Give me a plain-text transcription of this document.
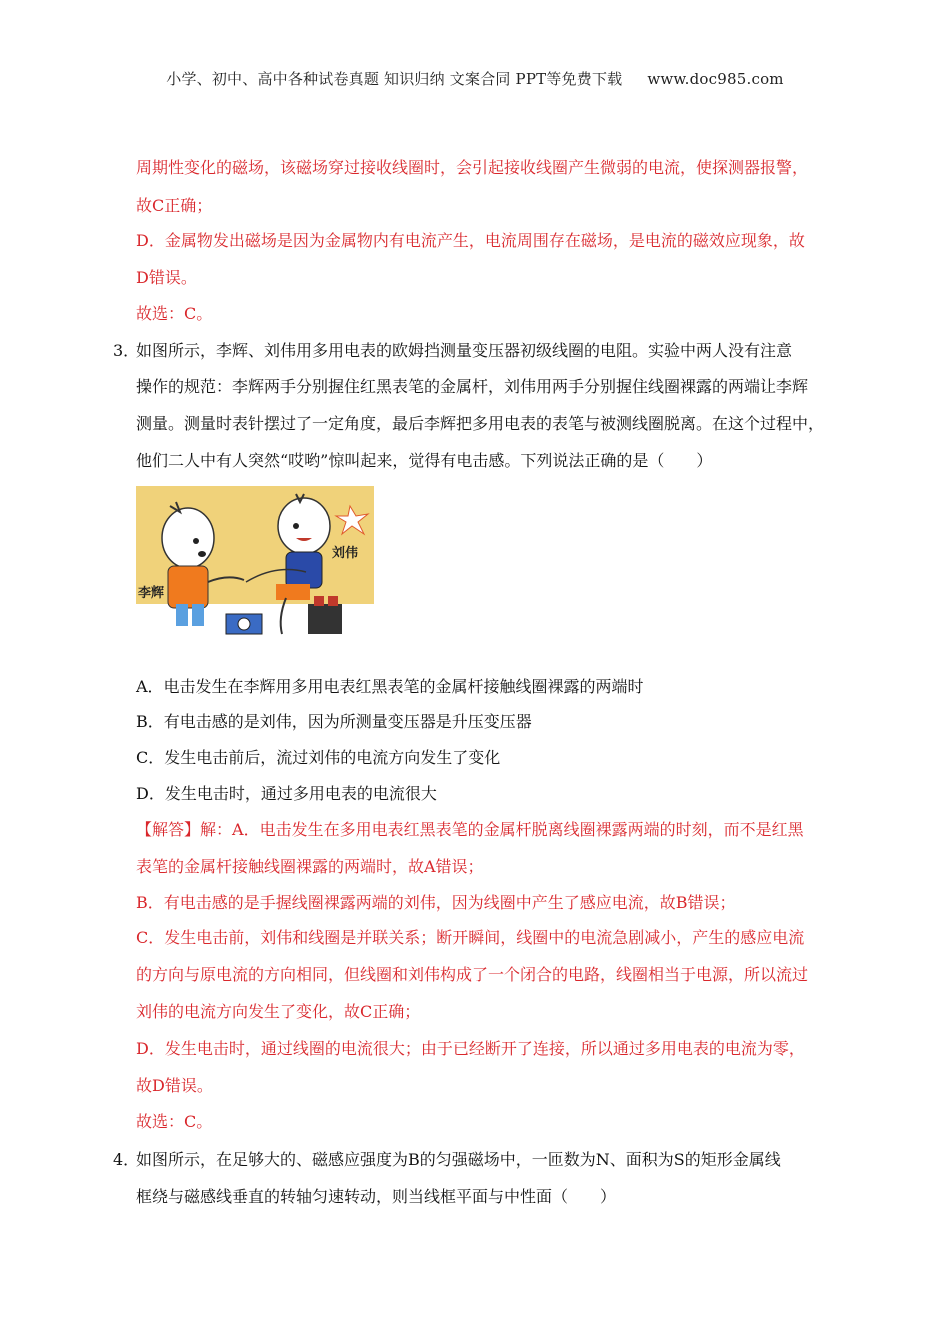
小学、初中、高中各种试卷真题 知识归纳 文案合同 PPT等免费下载 www.doc985.com
周期性变化的磁场，该磁场穿过接收线圈时，会引起接收线圈产生微弱的电流，使探测器报警，
故C正确；
D．金属物发出磁场是因为金属物内有电流产生，电流周围存在磁场，是电流的磁效应现象，故
D错误。
故选：C。
3．
如图所示，李辉、刘伟用多用电表的欧姆挡测量变压器初级线圈的电阻。实验中两人没有注意
操作的规范：李辉两手分别握住红黑表笔的金属杆，刘伟用两手分别握住线圈裸露的两端让李辉
测量。测量时表针摆过了一定角度，最后李辉把多用电表的表笔与被测线圈脱离。在这个过程中，
他们二人中有人突然“哎哟”惊叫起来，觉得有电击感。下列说法正确的是（　　）
李辉
刘伟
A．电击发生在李辉用多用电表红黑表笔的金属杆接触线圈裸露的两端时
B．有电击感的是刘伟，因为所测量变压器是升压变压器
C．发生电击前后，流过刘伟的电流方向发生了变化
D．发生电击时，通过多用电表的电流很大
【解答】解：A．电击发生在多用电表红黑表笔的金属杆脱离线圈裸露两端的时刻，而不是红黑
表笔的金属杆接触线圈裸露的两端时，故A错误；
B．有电击感的是手握线圈裸露两端的刘伟，因为线圈中产生了感应电流，故B错误；
C．发生电击前，刘伟和线圈是并联关系；断开瞬间，线圈中的电流急剧减小，产生的感应电流
的方向与原电流的方向相同，但线圈和刘伟构成了一个闭合的电路，线圈相当于电源，所以流过
刘伟的电流方向发生了变化，故C正确；
D．发生电击时，通过线圈的电流很大；由于已经断开了连接，所以通过多用电表的电流为零，
故D错误。
故选：C。
4．
如图所示，在足够大的、磁感应强度为B的匀强磁场中，一匝数为N、面积为S的矩形金属线
框绕与磁感线垂直的转轴匀速转动，则当线框平面与中性面（　　）
